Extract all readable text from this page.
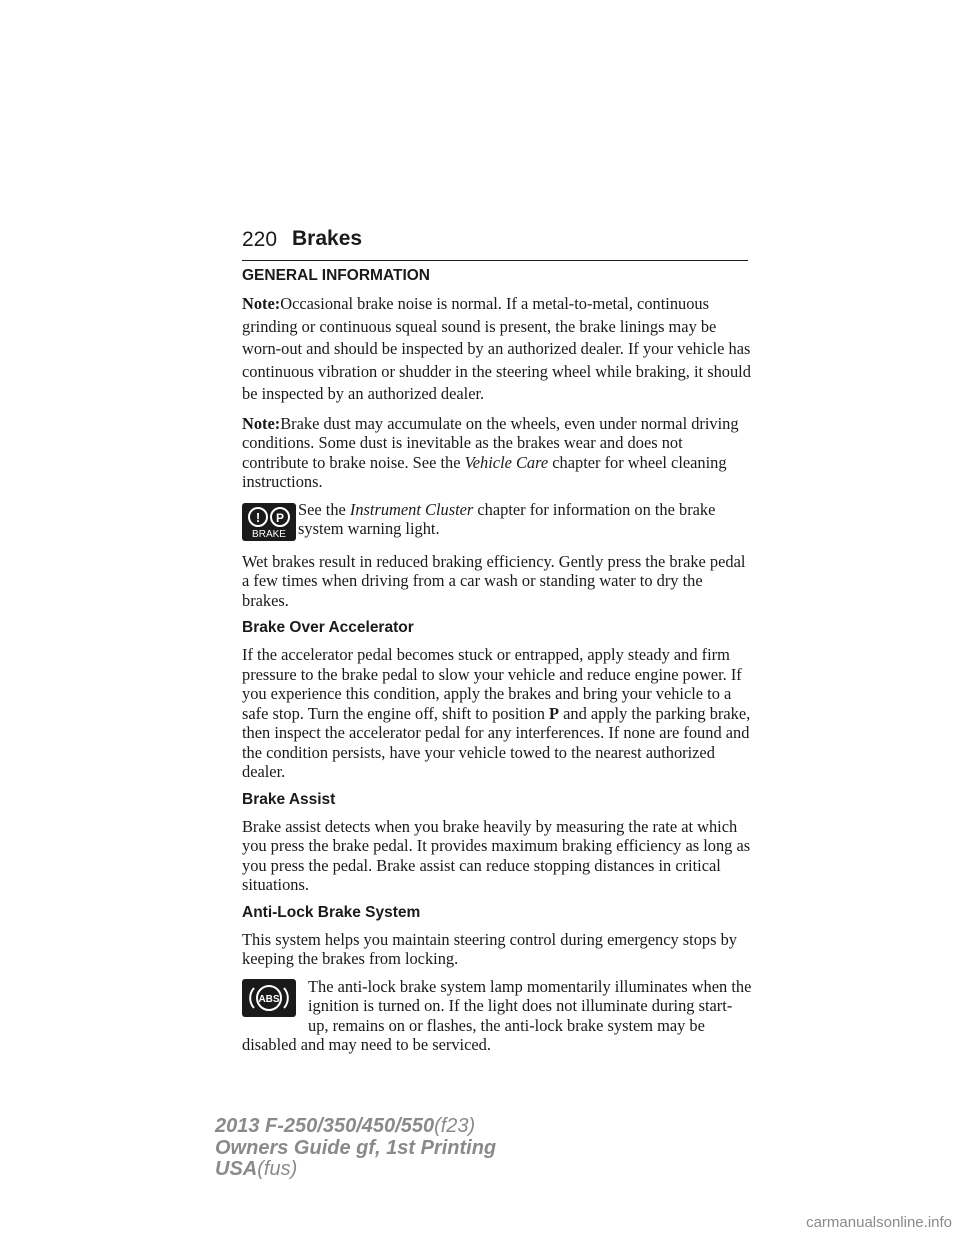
220 Brakes
GENERAL INFORMATION

Note:Occasional brake noise is normal. If a metal-to-metal, continuous grinding or continuous squeal sound is present, the brake linings may be worn-out and should be inspected by an authorized dealer. If your vehicle has continuous vibration or shudder in the steering wheel while braking, it should be inspected by an authorized dealer.

Note:Brake dust may accumulate on the wheels, even under normal driving conditions. Some dust is inevitable as the brakes wear and does not contribute to brake noise. See the Vehicle Care chapter for wheel cleaning instructions.

! P
BRAKE

See the Instrument Cluster chapter for information on the brake system warning light.

Wet brakes result in reduced braking efficiency. Gently press the brake pedal a few times when driving from a car wash or standing water to dry the brakes.

Brake Over Accelerator

If the accelerator pedal becomes stuck or entrapped, apply steady and firm pressure to the brake pedal to slow your vehicle and reduce engine power. If you experience this condition, apply the brakes and bring your vehicle to a safe stop. Turn the engine off, shift to position P and apply the parking brake, then inspect the accelerator pedal for any interferences. If none are found and the condition persists, have your vehicle towed to the nearest authorized dealer.

Brake Assist

Brake assist detects when you brake heavily by measuring the rate at which you press the brake pedal. It provides maximum braking efficiency as long as you press the pedal. Brake assist can reduce stopping distances in critical situations.

Anti-Lock Brake System

This system helps you maintain steering control during emergency stops by keeping the brakes from locking.

ABS

The anti-lock brake system lamp momentarily illuminates when the ignition is turned on. If the light does not illuminate during start-up, remains on or flashes, the anti-lock brake system may be disabled and may need to be serviced.

2013 F-250/350/450/550(f23)
Owners Guide gf, 1st Printing
USA(fus)
carmanualsonline.info
